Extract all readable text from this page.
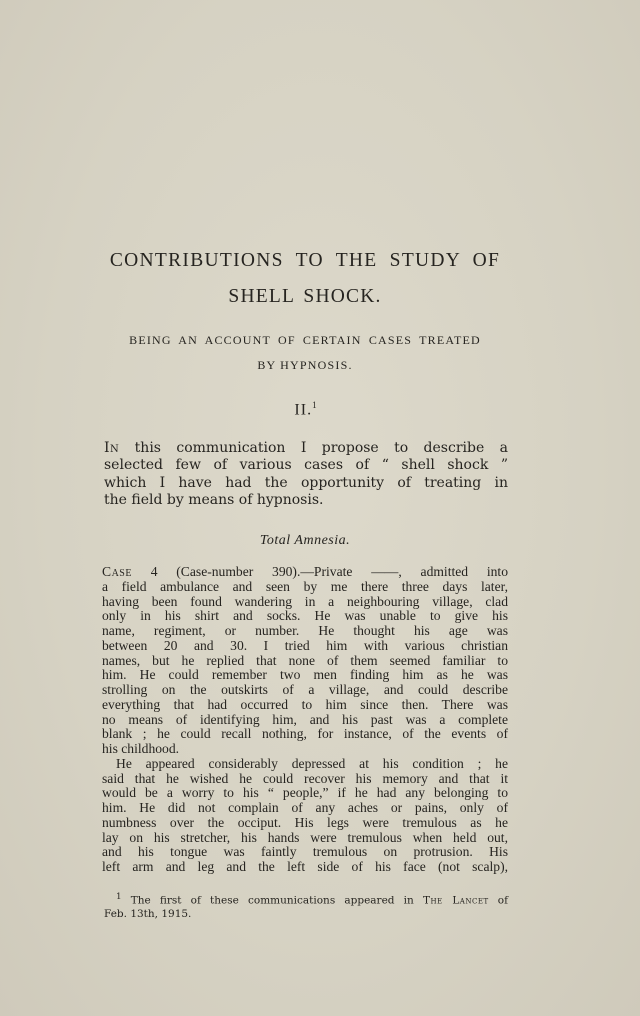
CONTRIBUTIONS TO THE STUDY OF
SHELL SHOCK.
BEING AN ACCOUNT OF CERTAIN CASES TREATED
BY HYPNOSIS.
II.$^1$
In this communication I propose to describe a
selected few of various cases of “ shell shock ”
which I have had the opportunity of treating in
the field by means of hypnosis.
Total Amnesia.
Case 4 (Case-number 390).—Private ——, admitted into
a field ambulance and seen by me there three days later,
having been found wandering in a neighbouring village, clad
only in his shirt and socks. He was unable to give his
name, regiment, or number. He thought his age was
between 20 and 30. I tried him with various christian
names, but he replied that none of them seemed familiar to
him. He could remember two men finding him as he was
strolling on the outskirts of a village, and could describe
everything that had occurred to him since then. There was
no means of identifying him, and his past was a complete
blank ; he could recall nothing, for instance, of the events of
his childhood.
He appeared considerably depressed at his condition ; he
said that he wished he could recover his memory and that it
would be a worry to his “ people,” if he had any belonging to
him. He did not complain of any aches or pains, only of
numbness over the occiput. His legs were tremulous as he
lay on his stretcher, his hands were tremulous when held out,
and his tongue was faintly tremulous on protrusion. His
left arm and leg and the left side of his face (not scalp),
$^1$ The first of these communications appeared in The Lancet of
Feb. 13th, 1915.
